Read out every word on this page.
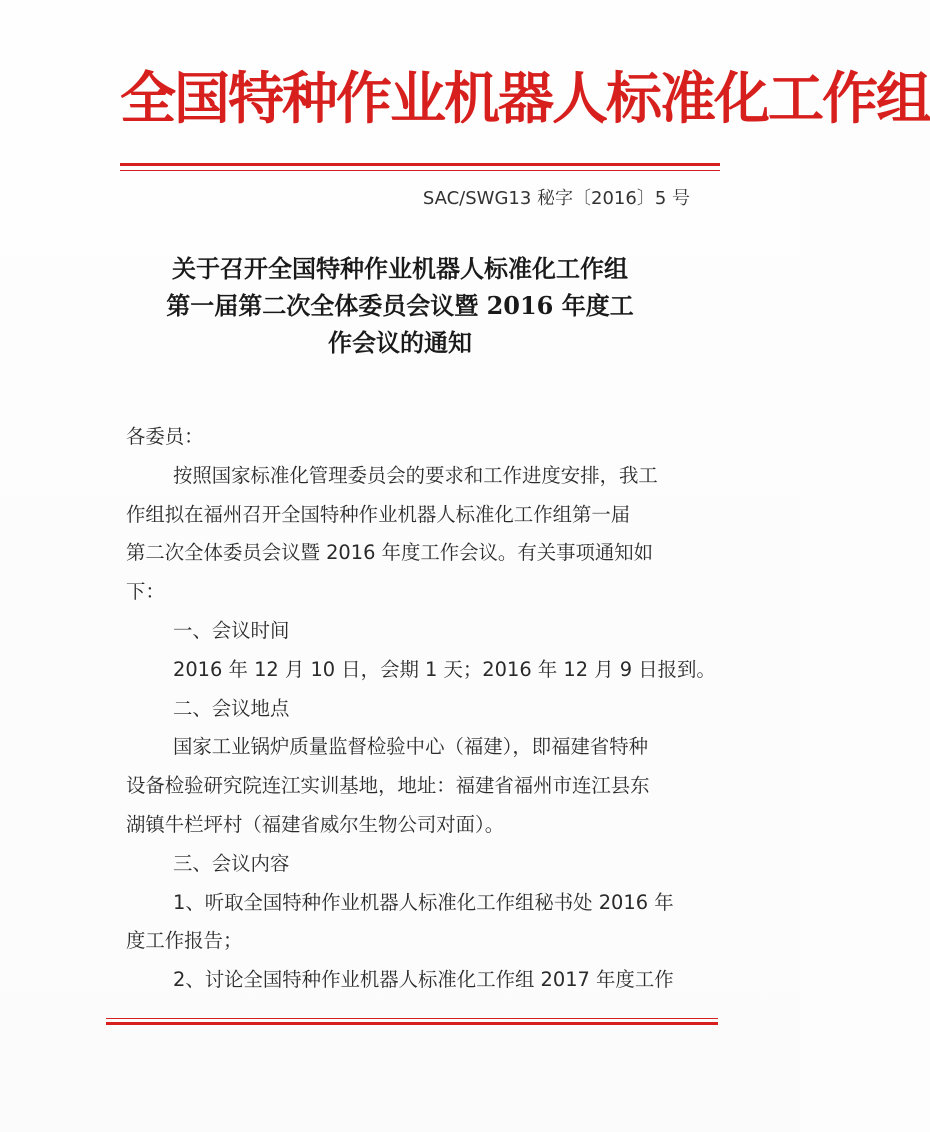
全国特种作业机器人标准化工作组
SAC/SWG13 秘字〔2016〕5 号
关于召开全国特种作业机器人标准化工作组
第一届第二次全体委员会议暨 2016 年度工
作会议的通知
各委员：
按照国家标准化管理委员会的要求和工作进度安排，我工
作组拟在福州召开全国特种作业机器人标准化工作组第一届
第二次全体委员会议暨 2016 年度工作会议。有关事项通知如
下：
一、会议时间
2016 年 12 月 10 日，会期 1 天；2016 年 12 月 9 日报到。
二、会议地点
国家工业锅炉质量监督检验中心（福建），即福建省特种
设备检验研究院连江实训基地，地址：福建省福州市连江县东
湖镇牛栏坪村（福建省威尔生物公司对面）。
三、会议内容
1、听取全国特种作业机器人标准化工作组秘书处 2016 年
度工作报告；
2、讨论全国特种作业机器人标准化工作组 2017 年度工作
